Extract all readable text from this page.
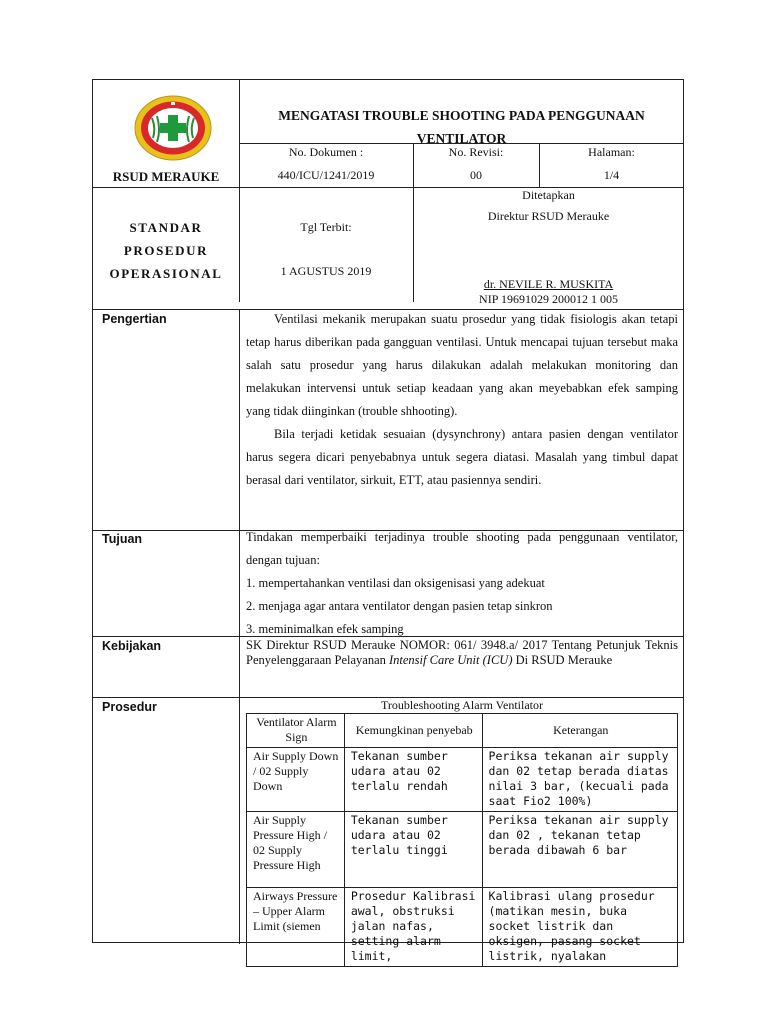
RSUD MERAUKE
MENGATASI TROUBLE SHOOTING PADA PENGGUNAAN
VENTILATOR
No. Dokumen :
440/ICU/1241/2019
No. Revisi:
00
Halaman:
1/4
STANDAR
PROSEDUR
OPERASIONAL
Tgl Terbit:
1 AGUSTUS 2019
Ditetapkan
Direktur RSUD Merauke
dr. NEVILE R. MUSKITA
NIP 19691029 200012 1 005
Pengertian	Ventilasi mekanik merupakan suatu prosedur yang tidak fisiologis akan tetapi tetap harus diberikan pada gangguan ventilasi. Untuk mencapai tujuan tersebut maka salah satu prosedur yang harus dilakukan adalah melakukan monitoring dan melakukan intervensi untuk setiap keadaan yang akan meyebabkan efek samping yang tidak diinginkan (trouble shhooting).

Bila terjadi ketidak sesuaian (dysynchrony) antara pasien dengan ventilator harus segera dicari penyebabnya untuk segera diatasi. Masalah yang timbul dapat berasal dari ventilator, sirkuit, ETT, atau pasiennya sendiri.

Tujuan	Tindakan memperbaiki terjadinya trouble shooting pada penggunaan ventilator, dengan tujuan:

1. mempertahankan ventilasi dan oksigenisasi yang adekuat

2. menjaga agar antara ventilator dengan pasien tetap sinkron

3. meminimalkan efek samping

Kebijakan	SK Direktur RSUD Merauke NOMOR: 061/ 3948.a/ 2017 Tentang Petunjuk Teknis Penyelenggaraan Pelayanan Intensif Care Unit (ICU) Di RSUD Merauke
Prosedur	Troubleshooting Alarm Ventilator
Ventilator Alarm Sign	Kemungkinan penyebab	Keterangan
Air Supply Down / 02 Supply Down	Tekanan sumber udara atau 02 terlalu rendah	Periksa tekanan air supply dan 02 tetap berada diatas nilai 3 bar, (kecuali pada saat Fio2 100%)
Air Supply Pressure High / 02 Supply Pressure High	Tekanan sumber udara atau 02 terlalu tinggi	Periksa tekanan air supply dan 02 , tekanan tetap berada dibawah 6 bar
Airways Pressure – Upper Alarm Limit (siemen	Prosedur Kalibrasi awal, obstruksi jalan nafas, setting alarm limit,	Kalibrasi ulang prosedur (matikan mesin, buka socket listrik dan oksigen, pasang socket listrik, nyalakan
